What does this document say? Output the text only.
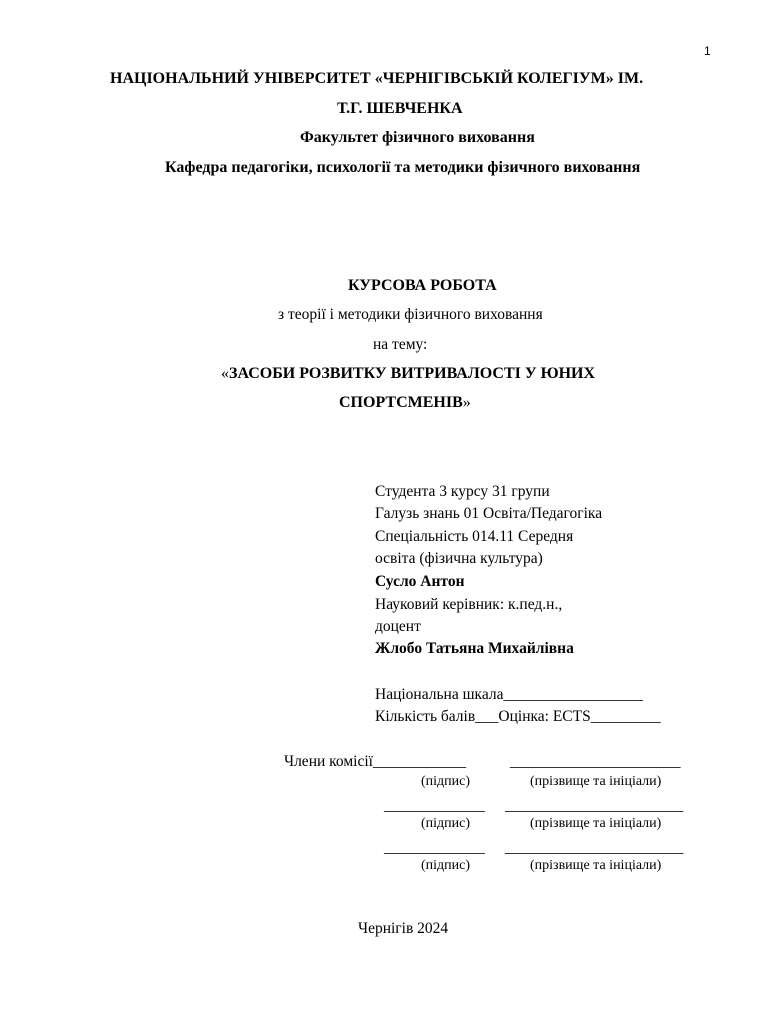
1
НАЦІОНАЛЬНИЙ УНІВЕРСИТЕТ «ЧЕРНІГІВСЬКІЙ КОЛЕГІУМ» ІМ.
Т.Г. ШЕВЧЕНКА
Факультет фізичного виховання
Кафедра педагогіки, психології та методики фізичного виховання
КУРСОВА РОБОТА
з теорії і методики фізичного виховання
на тему:
«ЗАСОБИ РОЗВИТКУ ВИТРИВАЛОСТІ У ЮНИХ
СПОРТСМЕНІВ»
Студента 3 курсу 31 групи
Галузь знань 01 Освіта/Педагогіка
Спеціальність 014.11 Середня
освіта (фізична культура)
Сусло Антон
Науковий керівник: к.пед.н.,
доцент
Жлобо Татьяна Михайлівна
Національна шкала__________________
Кількість балів___Оцінка: ECTS_________
Члени комісії____________	______________________
(підпис)	(прізвище та ініціали)
_____________ _______________________
(підпис)	(прізвище та ініціали)
_____________ _______________________
(підпис)	(прізвище та ініціали)
Чернігів 2024
